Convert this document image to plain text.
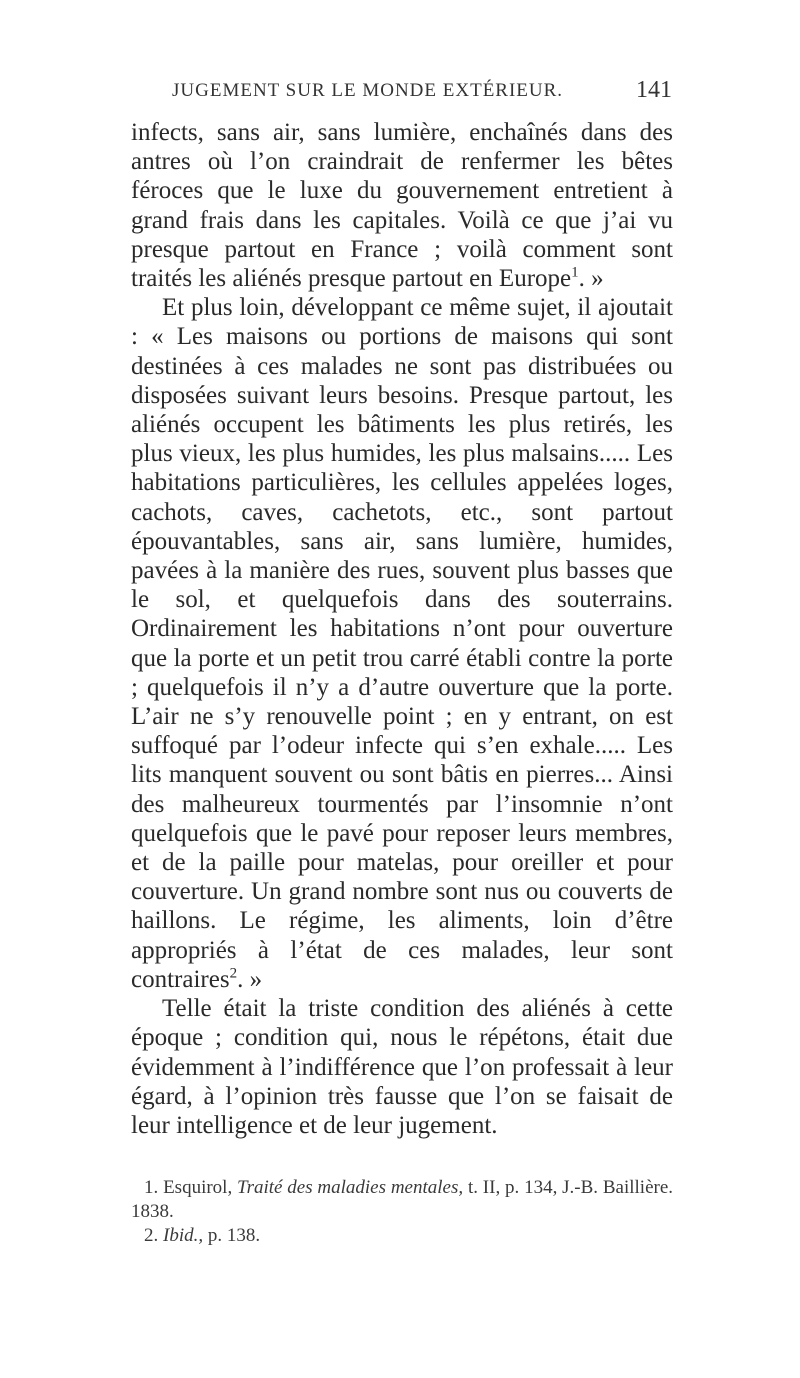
JUGEMENT SUR LE MONDE EXTÉRIEUR.	141

infects, sans air, sans lumière, enchaînés dans des antres où l’on craindrait de renfermer les bêtes féroces que le luxe du gouvernement entretient à grand frais dans les capitales. Voilà ce que j’ai vu presque partout en France ; voilà comment sont traités les aliénés presque partout en Europe$^1$. »

Et plus loin, développant ce même sujet, il ajoutait : « Les maisons ou portions de maisons qui sont destinées à ces malades ne sont pas distribuées ou disposées suivant leurs besoins. Presque partout, les aliénés occupent les bâtiments les plus retirés, les plus vieux, les plus humides, les plus malsains..... Les habitations particulières, les cellules appelées loges, cachots, caves, cachetots, etc., sont partout épouvantables, sans air, sans lumière, humides, pavées à la manière des rues, souvent plus basses que le sol, et quelquefois dans des souterrains. Ordinairement les habitations n’ont pour ouverture que la porte et un petit trou carré établi contre la porte ; quelquefois il n’y a d’autre ouverture que la porte. L’air ne s’y renouvelle point ; en y entrant, on est suffoqué par l’odeur infecte qui s’en exhale..... Les lits manquent souvent ou sont bâtis en pierres... Ainsi des malheureux tourmentés par l’insomnie n’ont quelquefois que le pavé pour reposer leurs membres, et de la paille pour matelas, pour oreiller et pour couverture. Un grand nombre sont nus ou couverts de haillons. Le régime, les aliments, loin d’être appropriés à l’état de ces malades, leur sont contraires$^2$. »

Telle était la triste condition des aliénés à cette époque ; condition qui, nous le répétons, était due évidemment à l’indifférence que l’on professait à leur égard, à l’opinion très fausse que l’on se faisait de leur intelligence et de leur jugement.

1. Esquirol, Traité des maladies mentales, t. II, p. 134, J.-B. Baillière. 1838.

2. Ibid., p. 138.
